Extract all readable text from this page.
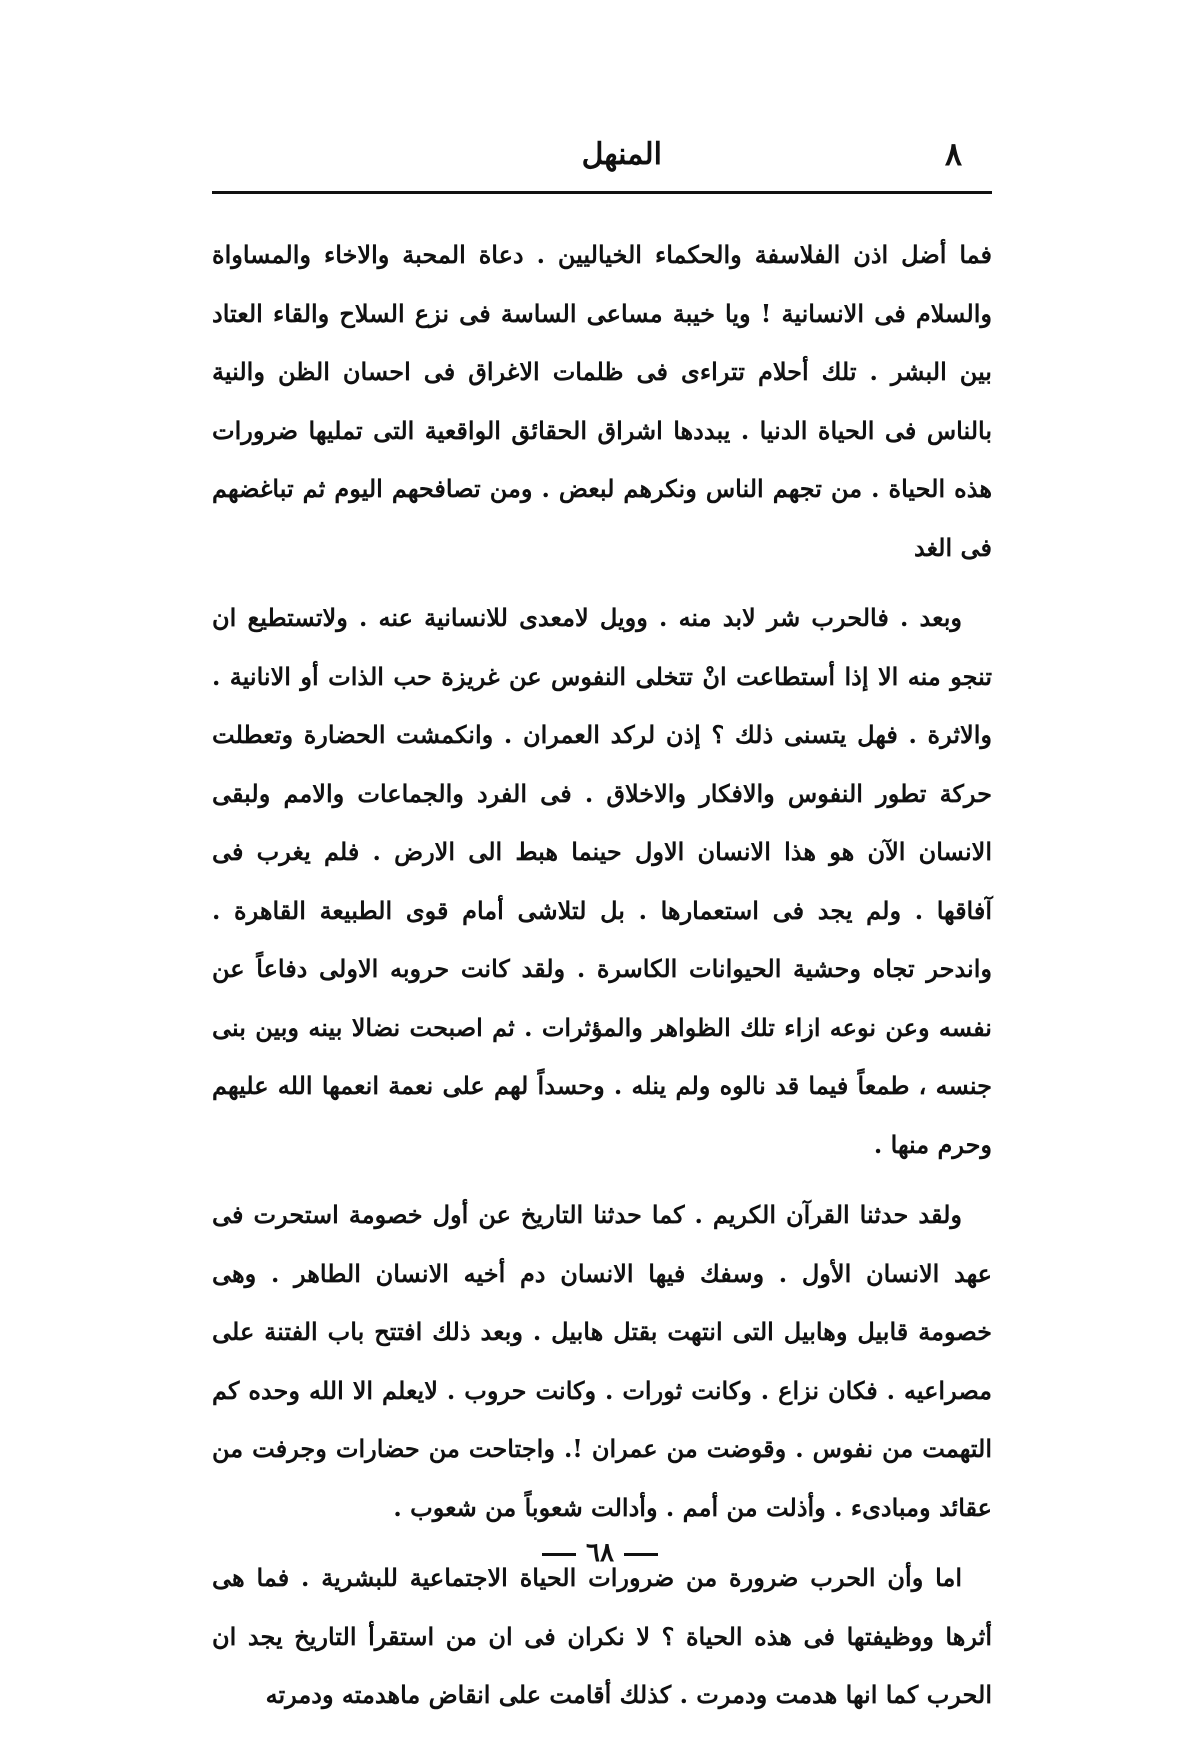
٨
المنهل

فما أضل اذن الفلاسفة والحكماء الخياليين . دعاة المحبة والاخاء والمساواة والسلام فى الانسانية ! ويا خيبة مساعى الساسة فى نزع السلاح والقاء العتاد بين البشر . تلك أحلام تتراءى فى ظلمات الاغراق فى احسان الظن والنية بالناس فى الحياة الدنيا . يبددها اشراق الحقائق الواقعية التى تمليها ضرورات هذه الحياة . من تجهم الناس ونكرهم لبعض . ومن تصافحهم اليوم ثم تباغضهم فى الغد

وبعد . فالحرب شر لابد منه . وويل لامعدى للانسانية عنه . ولاتستطيع ان تنجو منه الا إذا أستطاعت انْ تتخلى النفوس عن غريزة حب الذات أو الانانية . والاثرة . فهل يتسنى ذلك ؟ إذن لركد العمران . وانكمشت الحضارة وتعطلت حركة تطور النفوس والافكار والاخلاق . فى الفرد والجماعات والامم ولبقى الانسان الآن هو هذا الانسان الاول حينما هبط الى الارض . فلم يغرب فى آفاقها . ولم يجد فى استعمارها . بل لتلاشى أمام قوى الطبيعة القاهرة . واندحر تجاه وحشية الحيوانات الكاسرة . ولقد كانت حروبه الاولى دفاعاً عن نفسه وعن نوعه ازاء تلك الظواهر والمؤثرات . ثم اصبحت نضالا بينه وبين بنى جنسه ، طمعاً فيما قد نالوه ولم ينله . وحسداً لهم على نعمة انعمها الله عليهم وحرم منها .

ولقد حدثنا القرآن الكريم . كما حدثنا التاريخ عن أول خصومة استحرت فى عهد الانسان الأول . وسفك فيها الانسان دم أخيه الانسان الطاهر . وهى خصومة قابيل وهابيل التى انتهت بقتل هابيل . وبعد ذلك افتتح باب الفتنة على مصراعيه . فكان نزاع . وكانت ثورات . وكانت حروب . لايعلم الا الله وحده كم التهمت من نفوس . وقوضت من عمران !. واجتاحت من حضارات وجرفت من عقائد ومبادىء . وأذلت من أمم . وأدالت شعوباً من شعوب .

اما وأن الحرب ضرورة من ضرورات الحياة الاجتماعية للبشرية . فما هى أثرها ووظيفتها فى هذه الحياة ؟ لا نكران فى ان من استقرأ التاريخ يجد ان الحرب كما انها هدمت ودمرت . كذلك أقامت على انقاض ماهدمته ودمرته

٦٨
